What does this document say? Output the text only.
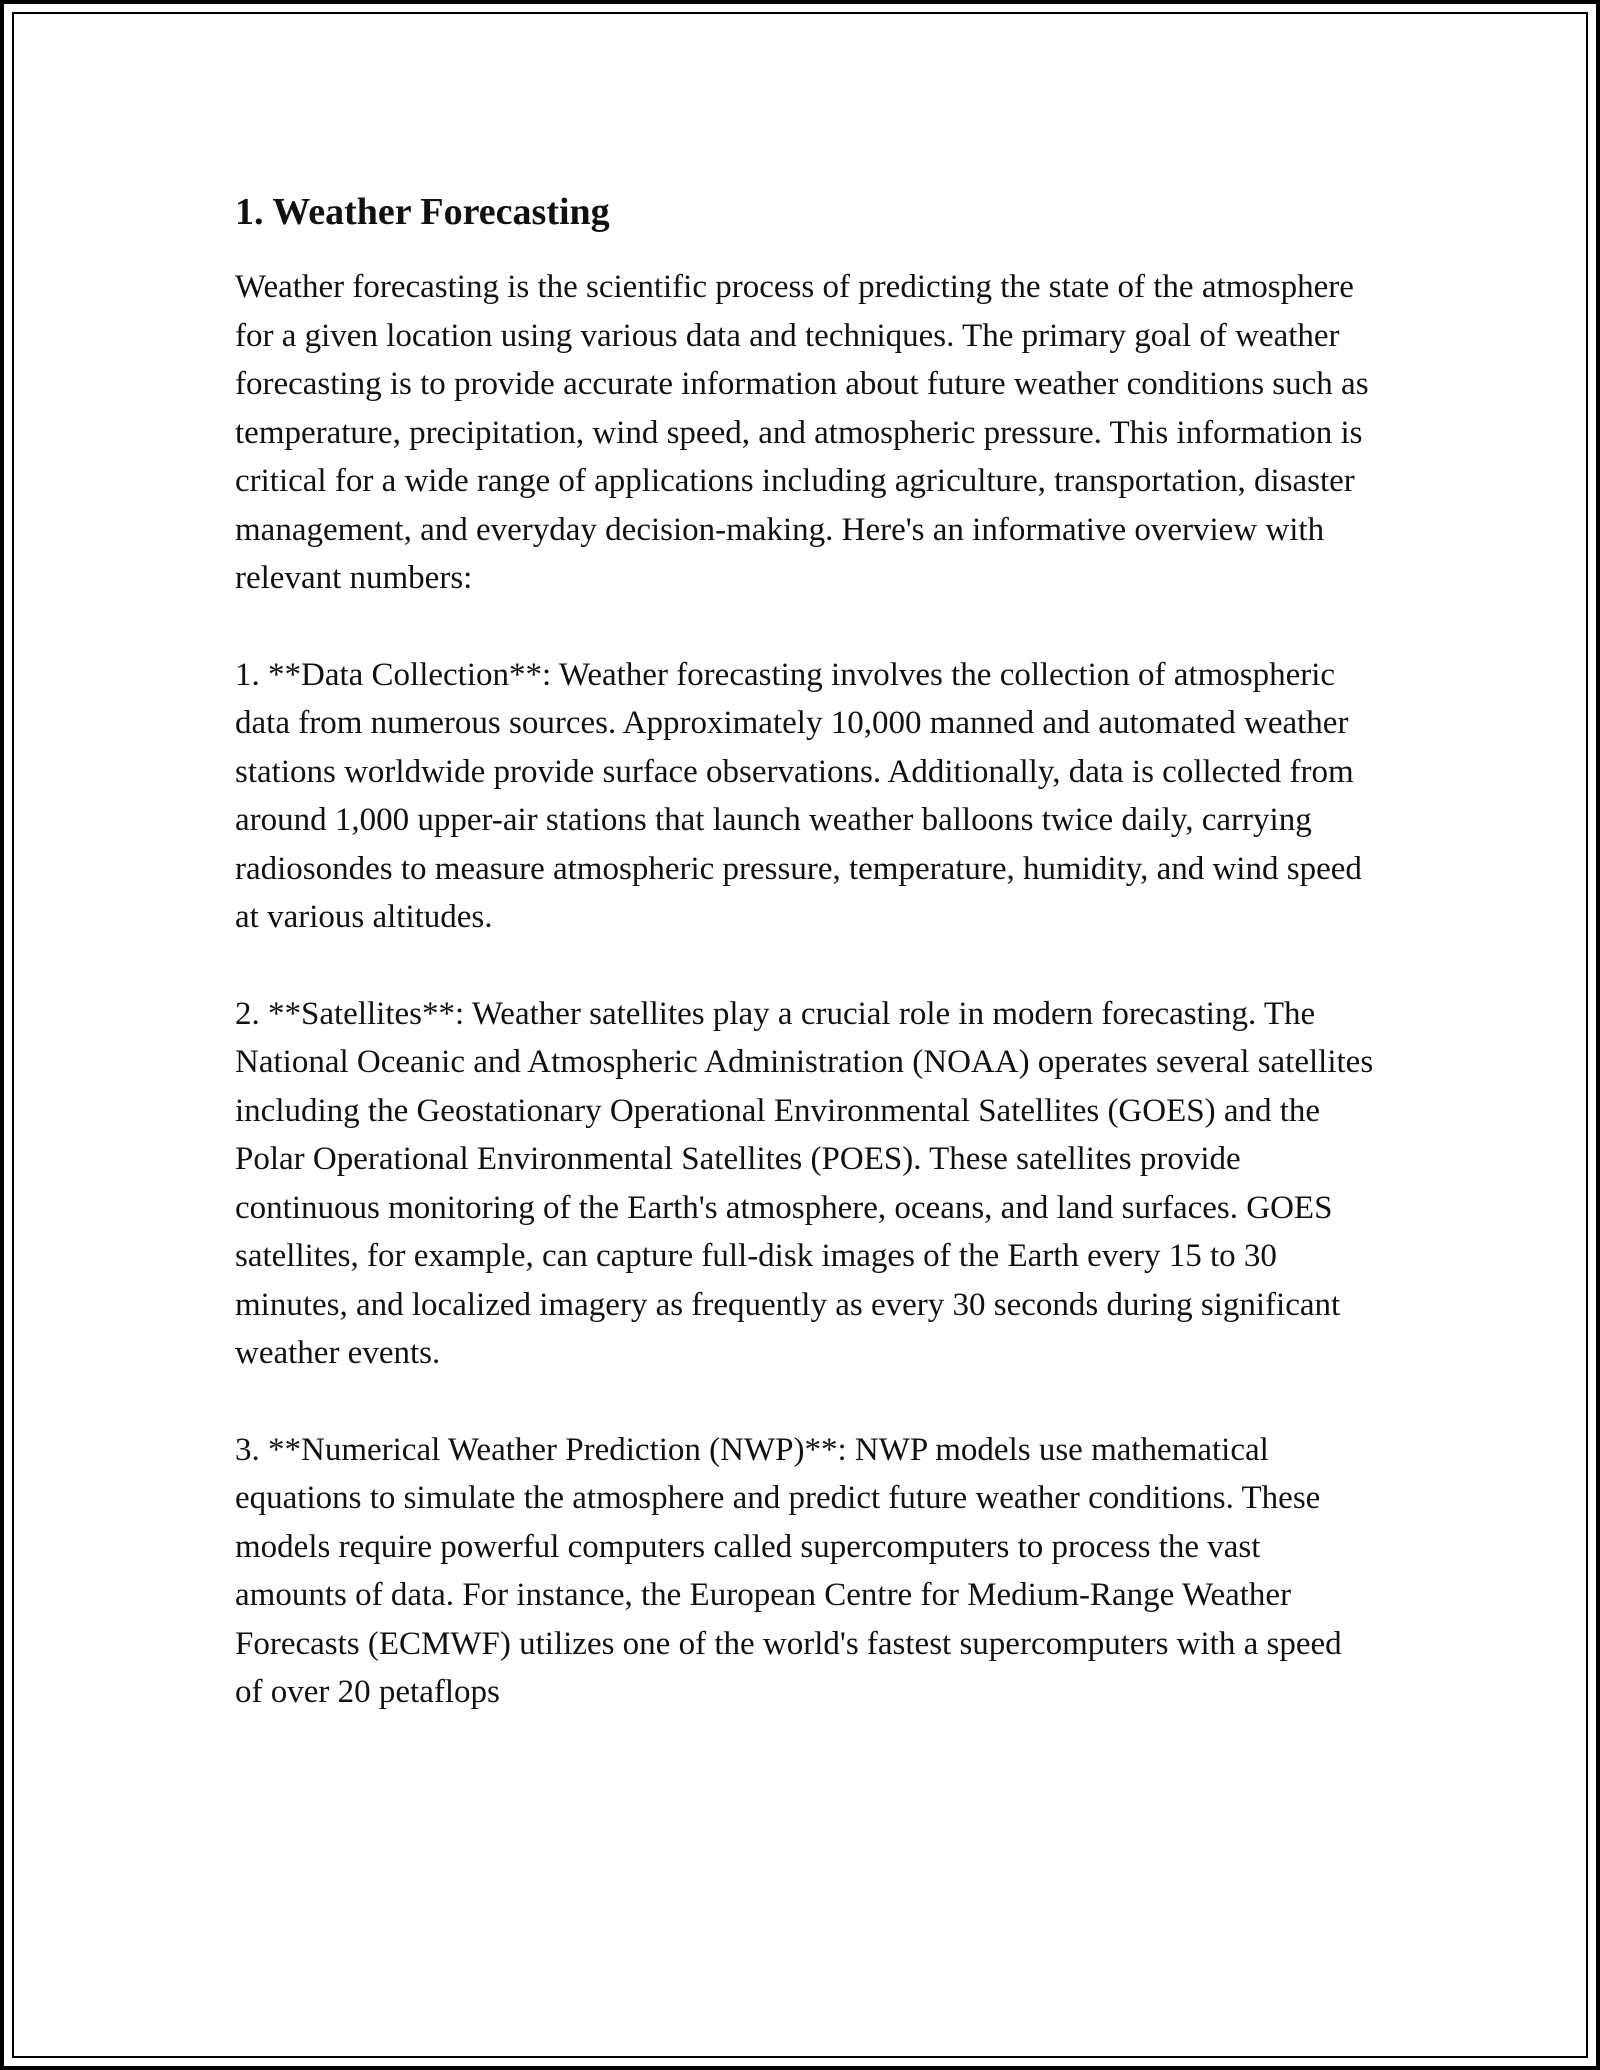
1. Weather Forecasting

Weather forecasting is the scientific process of predicting the state of the atmosphere for a given location using various data and techniques. The primary goal of weather forecasting is to provide accurate information about future weather conditions such as temperature, precipitation, wind speed, and atmospheric pressure. This information is critical for a wide range of applications including agriculture, transportation, disaster management, and everyday decision-making. Here's an informative overview with relevant numbers:

1. **Data Collection**: Weather forecasting involves the collection of atmospheric data from numerous sources. Approximately 10,000 manned and automated weather stations worldwide provide surface observations. Additionally, data is collected from around 1,000 upper-air stations that launch weather balloons twice daily, carrying radiosondes to measure atmospheric pressure, temperature, humidity, and wind speed at various altitudes.

2. **Satellites**: Weather satellites play a crucial role in modern forecasting. The National Oceanic and Atmospheric Administration (NOAA) operates several satellites including the Geostationary Operational Environmental Satellites (GOES) and the Polar Operational Environmental Satellites (POES). These satellites provide continuous monitoring of the Earth's atmosphere, oceans, and land surfaces. GOES satellites, for example, can capture full-disk images of the Earth every 15 to 30 minutes, and localized imagery as frequently as every 30 seconds during significant weather events.

3. **Numerical Weather Prediction (NWP)**: NWP models use mathematical equations to simulate the atmosphere and predict future weather conditions. These models require powerful computers called supercomputers to process the vast amounts of data. For instance, the European Centre for Medium-Range Weather Forecasts (ECMWF) utilizes one of the world's fastest supercomputers with a speed of over 20 petaflops
